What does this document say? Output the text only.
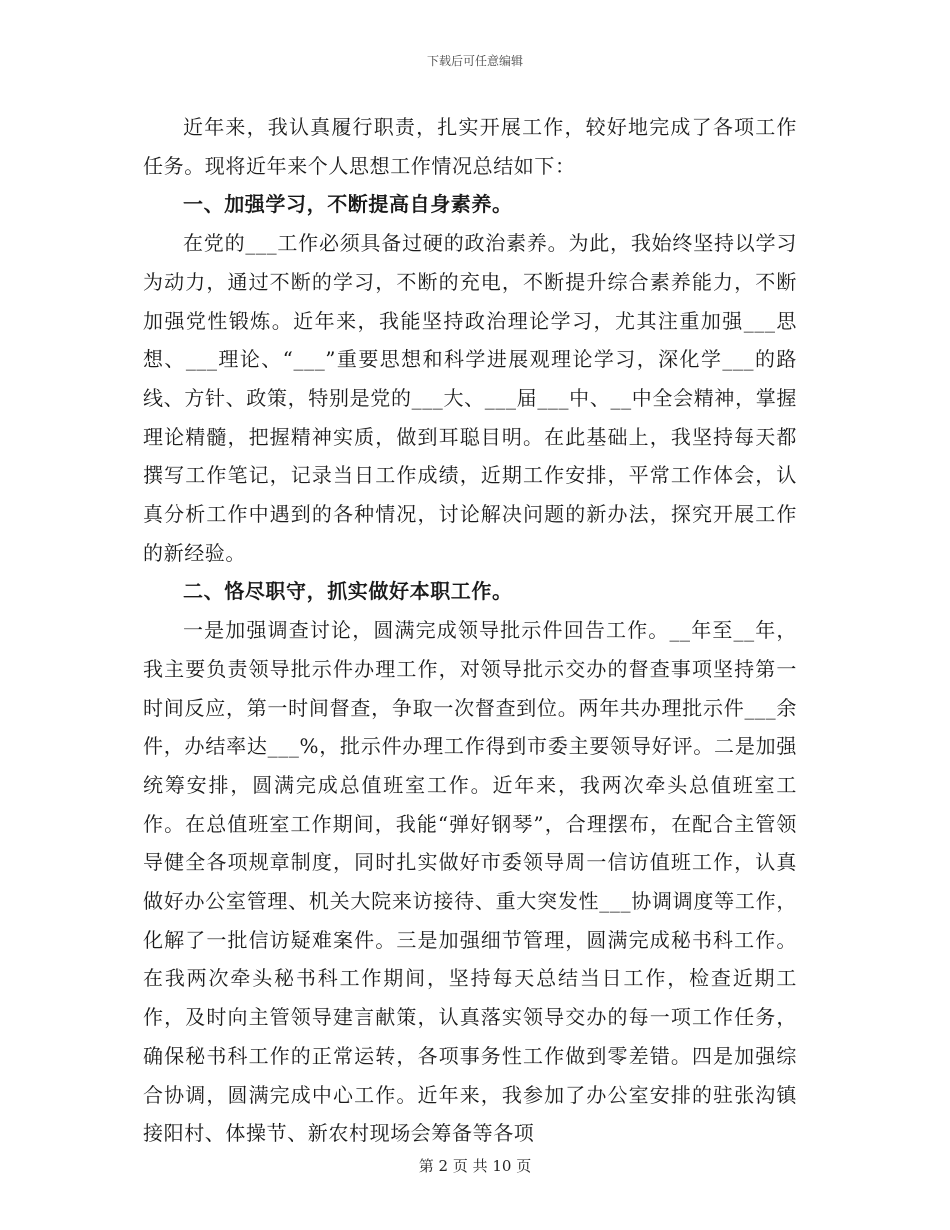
下载后可任意编辑

近年来，我认真履行职责，扎实开展工作，较好地完成了各项工作任务。现将近年来个人思想工作情况总结如下：

一、加强学习，不断提高自身素养。

在党的___工作必须具备过硬的政治素养。为此，我始终坚持以学习为动力，通过不断的学习，不断的充电，不断提升综合素养能力，不断加强党性锻炼。近年来，我能坚持政治理论学习，尤其注重加强___思想、___理论、“___”重要思想和科学进展观理论学习，深化学___的路线、方针、政策，特别是党的___大、___届___中、__中全会精神，掌握理论精髓，把握精神实质，做到耳聪目明。在此基础上，我坚持每天都撰写工作笔记，记录当日工作成绩，近期工作安排，平常工作体会，认真分析工作中遇到的各种情况，讨论解决问题的新办法，探究开展工作的新经验。

二、恪尽职守，抓实做好本职工作。

一是加强调查讨论，圆满完成领导批示件回告工作。__年至__年，我主要负责领导批示件办理工作，对领导批示交办的督查事项坚持第一时间反应，第一时间督查，争取一次督查到位。两年共办理批示件___余件，办结率达___%，批示件办理工作得到市委主要领导好评。二是加强统筹安排，圆满完成总值班室工作。近年来，我两次牵头总值班室工作。在总值班室工作期间，我能“弹好钢琴”，合理摆布，在配合主管领导健全各项规章制度，同时扎实做好市委领导周一信访值班工作，认真做好办公室管理、机关大院来访接待、重大突发性___协调调度等工作，化解了一批信访疑难案件。三是加强细节管理，圆满完成秘书科工作。在我两次牵头秘书科工作期间，坚持每天总结当日工作，检查近期工作，及时向主管领导建言献策，认真落实领导交办的每一项工作任务，确保秘书科工作的正常运转，各项事务性工作做到零差错。四是加强综合协调，圆满完成中心工作。近年来，我参加了办公室安排的驻张沟镇接阳村、体操节、新农村现场会筹备等各项

第 2 页 共 10 页
